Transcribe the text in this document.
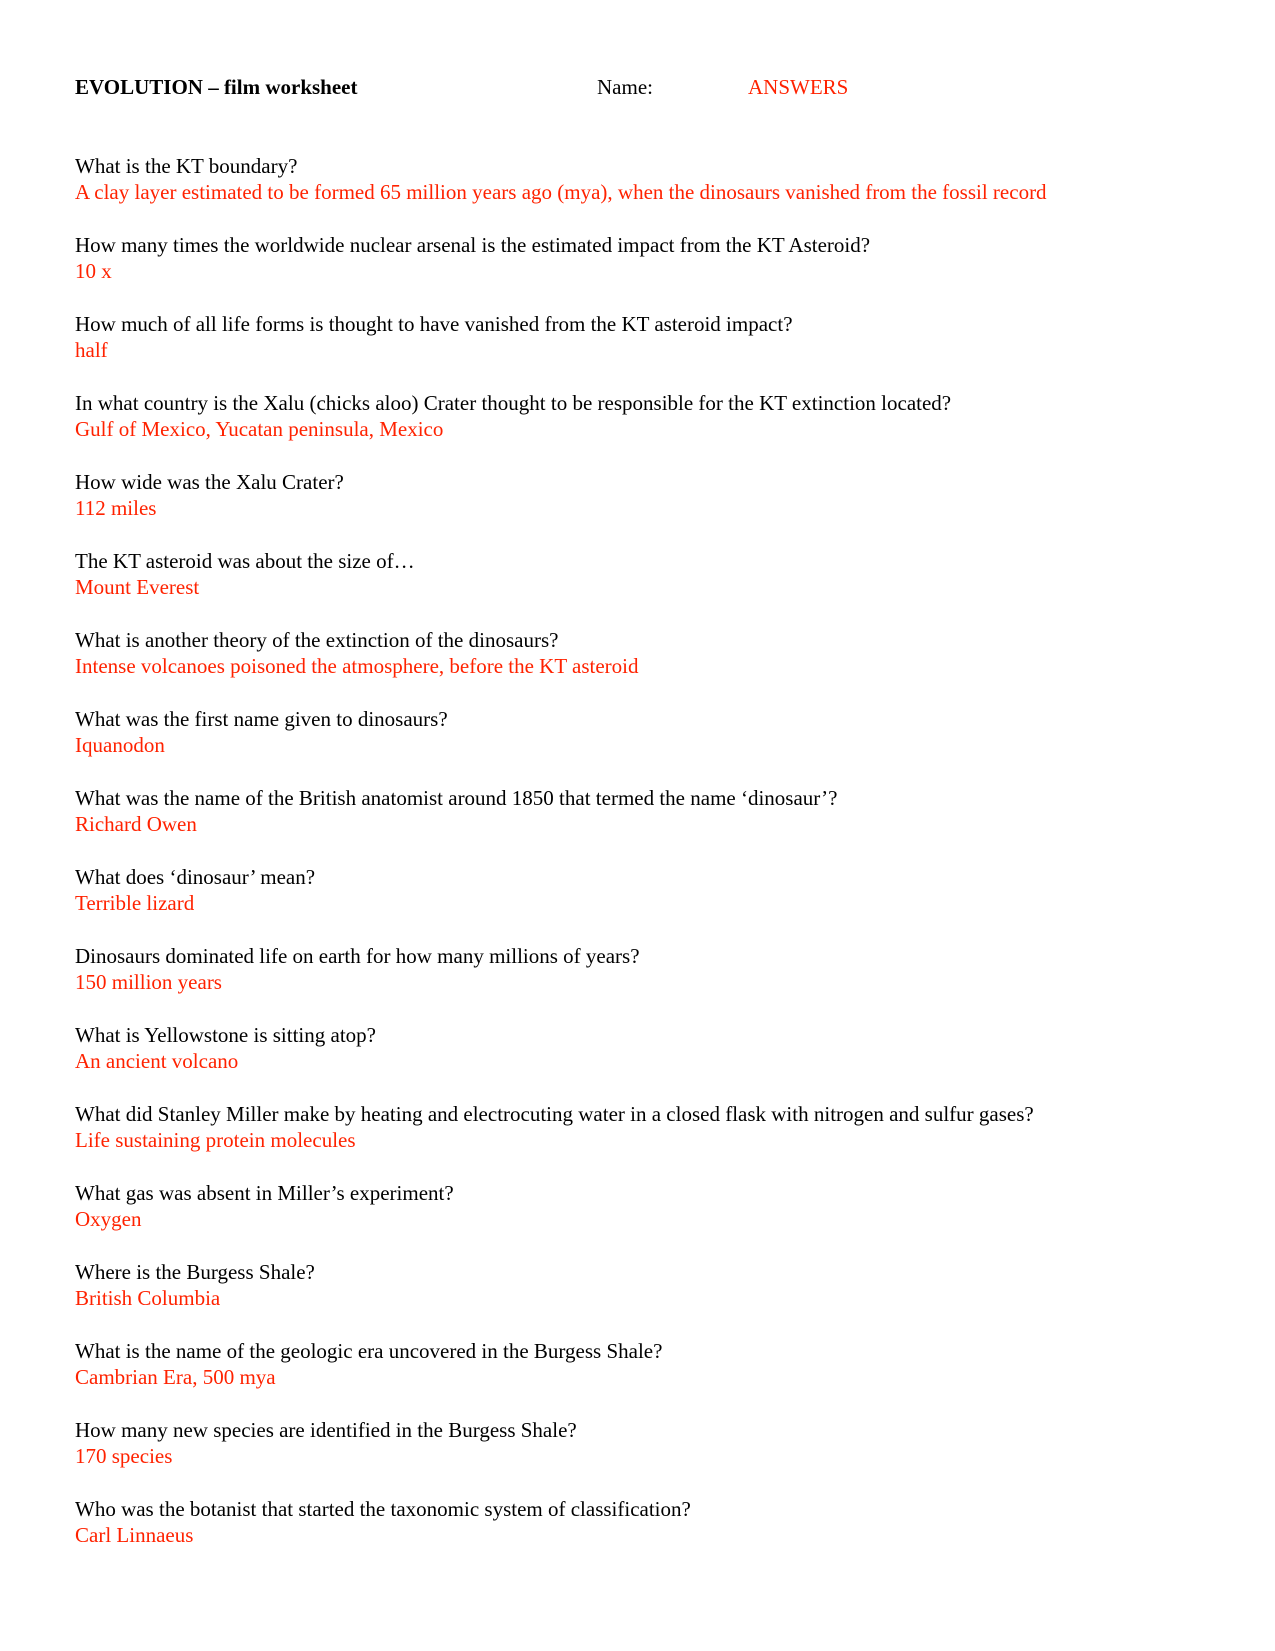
EVOLUTION – film worksheet	Name:	ANSWERS
What is the KT boundary?
A clay layer estimated to be formed 65 million years ago (mya), when the dinosaurs vanished from the fossil record
How many times the worldwide nuclear arsenal is the estimated impact from the KT Asteroid?
10 x
How much of all life forms is thought to have vanished from the KT asteroid impact?
half
In what country is the Xalu (chicks aloo) Crater thought to be responsible for the KT extinction located?
Gulf of Mexico, Yucatan peninsula, Mexico
How wide was the Xalu Crater?
112 miles
The KT asteroid was about the size of…
Mount Everest
What is another theory of the extinction of the dinosaurs?
Intense volcanoes poisoned the atmosphere, before the KT asteroid
What was the first name given to dinosaurs?
Iquanodon
What was the name of the British anatomist around 1850 that termed the name ‘dinosaur’?
Richard Owen
What does ‘dinosaur’ mean?
Terrible lizard
Dinosaurs dominated life on earth for how many millions of years?
150 million years
What is Yellowstone is sitting atop?
An ancient volcano
What did Stanley Miller make by heating and electrocuting water in a closed flask with nitrogen and sulfur gases?
Life sustaining protein molecules
What gas was absent in Miller’s experiment?
Oxygen
Where is the Burgess Shale?
British Columbia
What is the name of the geologic era uncovered in the Burgess Shale?
Cambrian Era, 500 mya
How many new species are identified in the Burgess Shale?
170 species
Who was the botanist that started the taxonomic system of classification?
Carl Linnaeus
